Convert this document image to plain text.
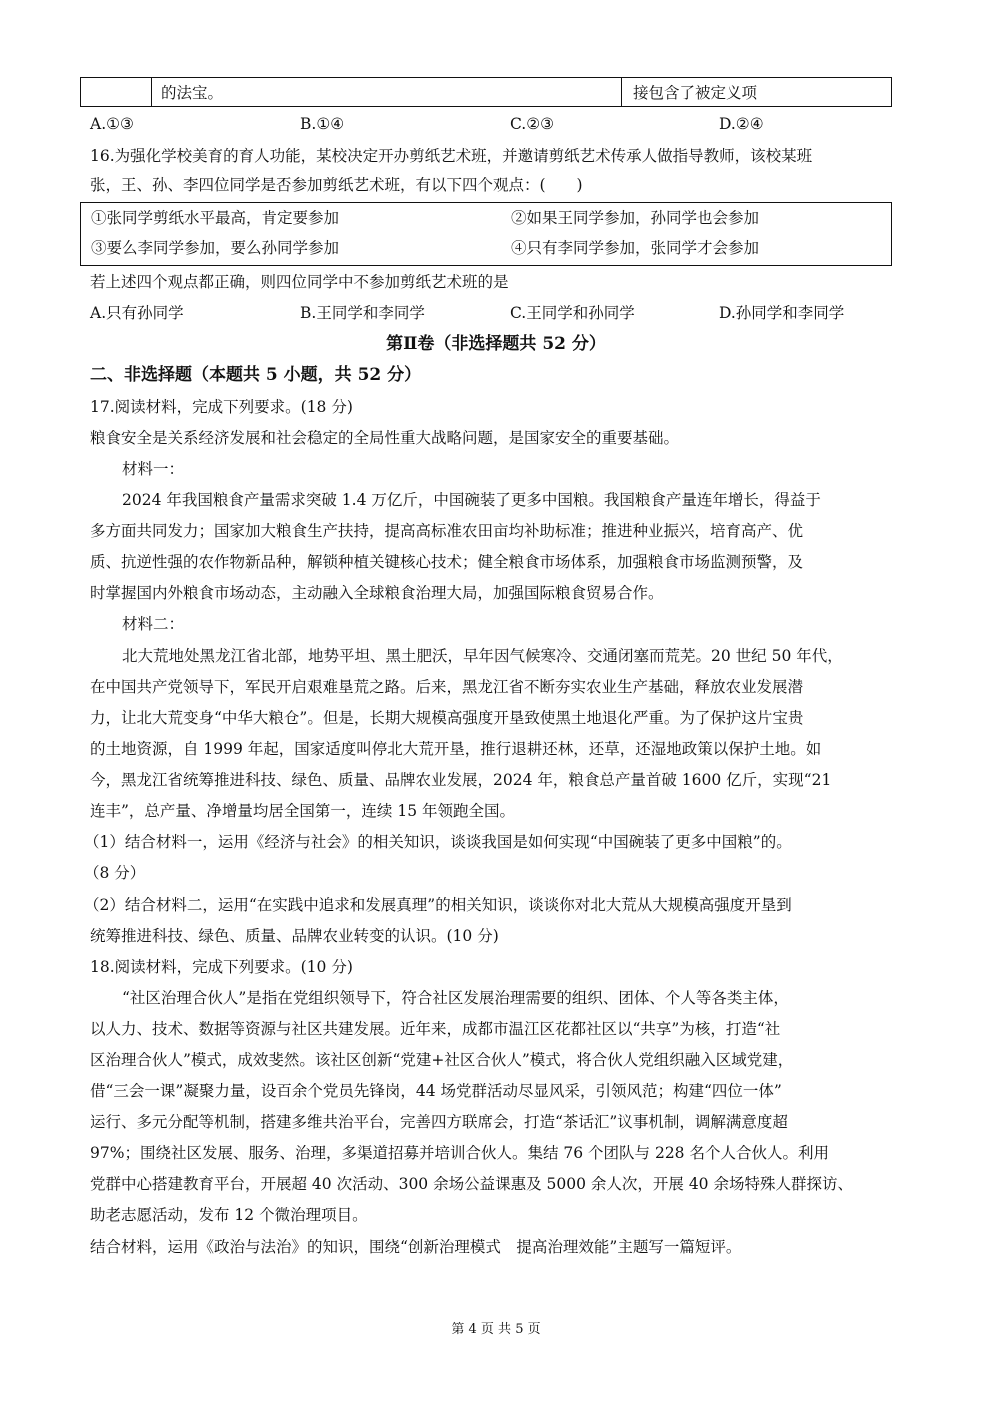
的法宝。	接包含了被定义项
A.①③	B.①④	C.②③	D.②④
16.为强化学校美育的育人功能，某校决定开办剪纸艺术班，并邀请剪纸艺术传承人做指导教师，该校某班
张，王、孙、李四位同学是否参加剪纸艺术班，有以下四个观点：(　　)
①张同学剪纸水平最高，肯定要参加	②如果王同学参加，孙同学也会参加
③要么李同学参加，要么孙同学参加	④只有李同学参加，张同学才会参加
若上述四个观点都正确，则四位同学中不参加剪纸艺术班的是
A.只有孙同学	B.王同学和李同学	C.王同学和孙同学	D.孙同学和李同学
第Ⅱ卷（非选择题共 52 分）
二、非选择题（本题共 5 小题，共 52 分）
17.阅读材料，完成下列要求。(18 分)
粮食安全是关系经济发展和社会稳定的全局性重大战略问题，是国家安全的重要基础。
材料一：
2024 年我国粮食产量需求突破 1.4 万亿斤，中国碗装了更多中国粮。我国粮食产量连年增长，得益于
多方面共同发力；国家加大粮食生产扶持，提高高标准农田亩均补助标准；推进种业振兴，培育高产、优
质、抗逆性强的农作物新品种，解锁种植关键核心技术；健全粮食市场体系，加强粮食市场监测预警，及
时掌握国内外粮食市场动态，主动融入全球粮食治理大局，加强国际粮食贸易合作。
材料二：
北大荒地处黑龙江省北部，地势平坦、黑土肥沃，早年因气候寒冷、交通闭塞而荒芜。20 世纪 50 年代，
在中国共产党领导下，军民开启艰难垦荒之路。后来，黑龙江省不断夯实农业生产基础，释放农业发展潜
力，让北大荒变身“中华大粮仓”。但是，长期大规模高强度开垦致使黑土地退化严重。为了保护这片宝贵
的土地资源，自 1999 年起，国家适度叫停北大荒开垦，推行退耕还林，还草，还湿地政策以保护土地。如
今，黑龙江省统筹推进科技、绿色、质量、品牌农业发展，2024 年，粮食总产量首破 1600 亿斤，实现“21
连丰”，总产量、净增量均居全国第一，连续 15 年领跑全国。
（1）结合材料一，运用《经济与社会》的相关知识，谈谈我国是如何实现“中国碗装了更多中国粮”的。
（8 分）
（2）结合材料二，运用“在实践中追求和发展真理”的相关知识，谈谈你对北大荒从大规模高强度开垦到
统筹推进科技、绿色、质量、品牌农业转变的认识。(10 分)
18.阅读材料，完成下列要求。(10 分)
“社区治理合伙人”是指在党组织领导下，符合社区发展治理需要的组织、团体、个人等各类主体，
以人力、技术、数据等资源与社区共建发展。近年来，成都市温江区花都社区以“共享”为核，打造“社
区治理合伙人”模式，成效斐然。该社区创新“党建+社区合伙人”模式，将合伙人党组织融入区域党建，
借“三会一课”凝聚力量，设百余个党员先锋岗，44 场党群活动尽显风采，引领风范；构建“四位一体”
运行、多元分配等机制，搭建多维共治平台，完善四方联席会，打造“茶话汇”议事机制，调解满意度超
97%；围绕社区发展、服务、治理，多渠道招募并培训合伙人。集结 76 个团队与 228 名个人合伙人。利用
党群中心搭建教育平台，开展超 40 次活动、300 余场公益课惠及 5000 余人次，开展 40 余场特殊人群探访、
助老志愿活动，发布 12 个微治理项目。
结合材料，运用《政治与法治》的知识，围绕“创新治理模式　提高治理效能”主题写一篇短评。
第 4 页 共 5 页
